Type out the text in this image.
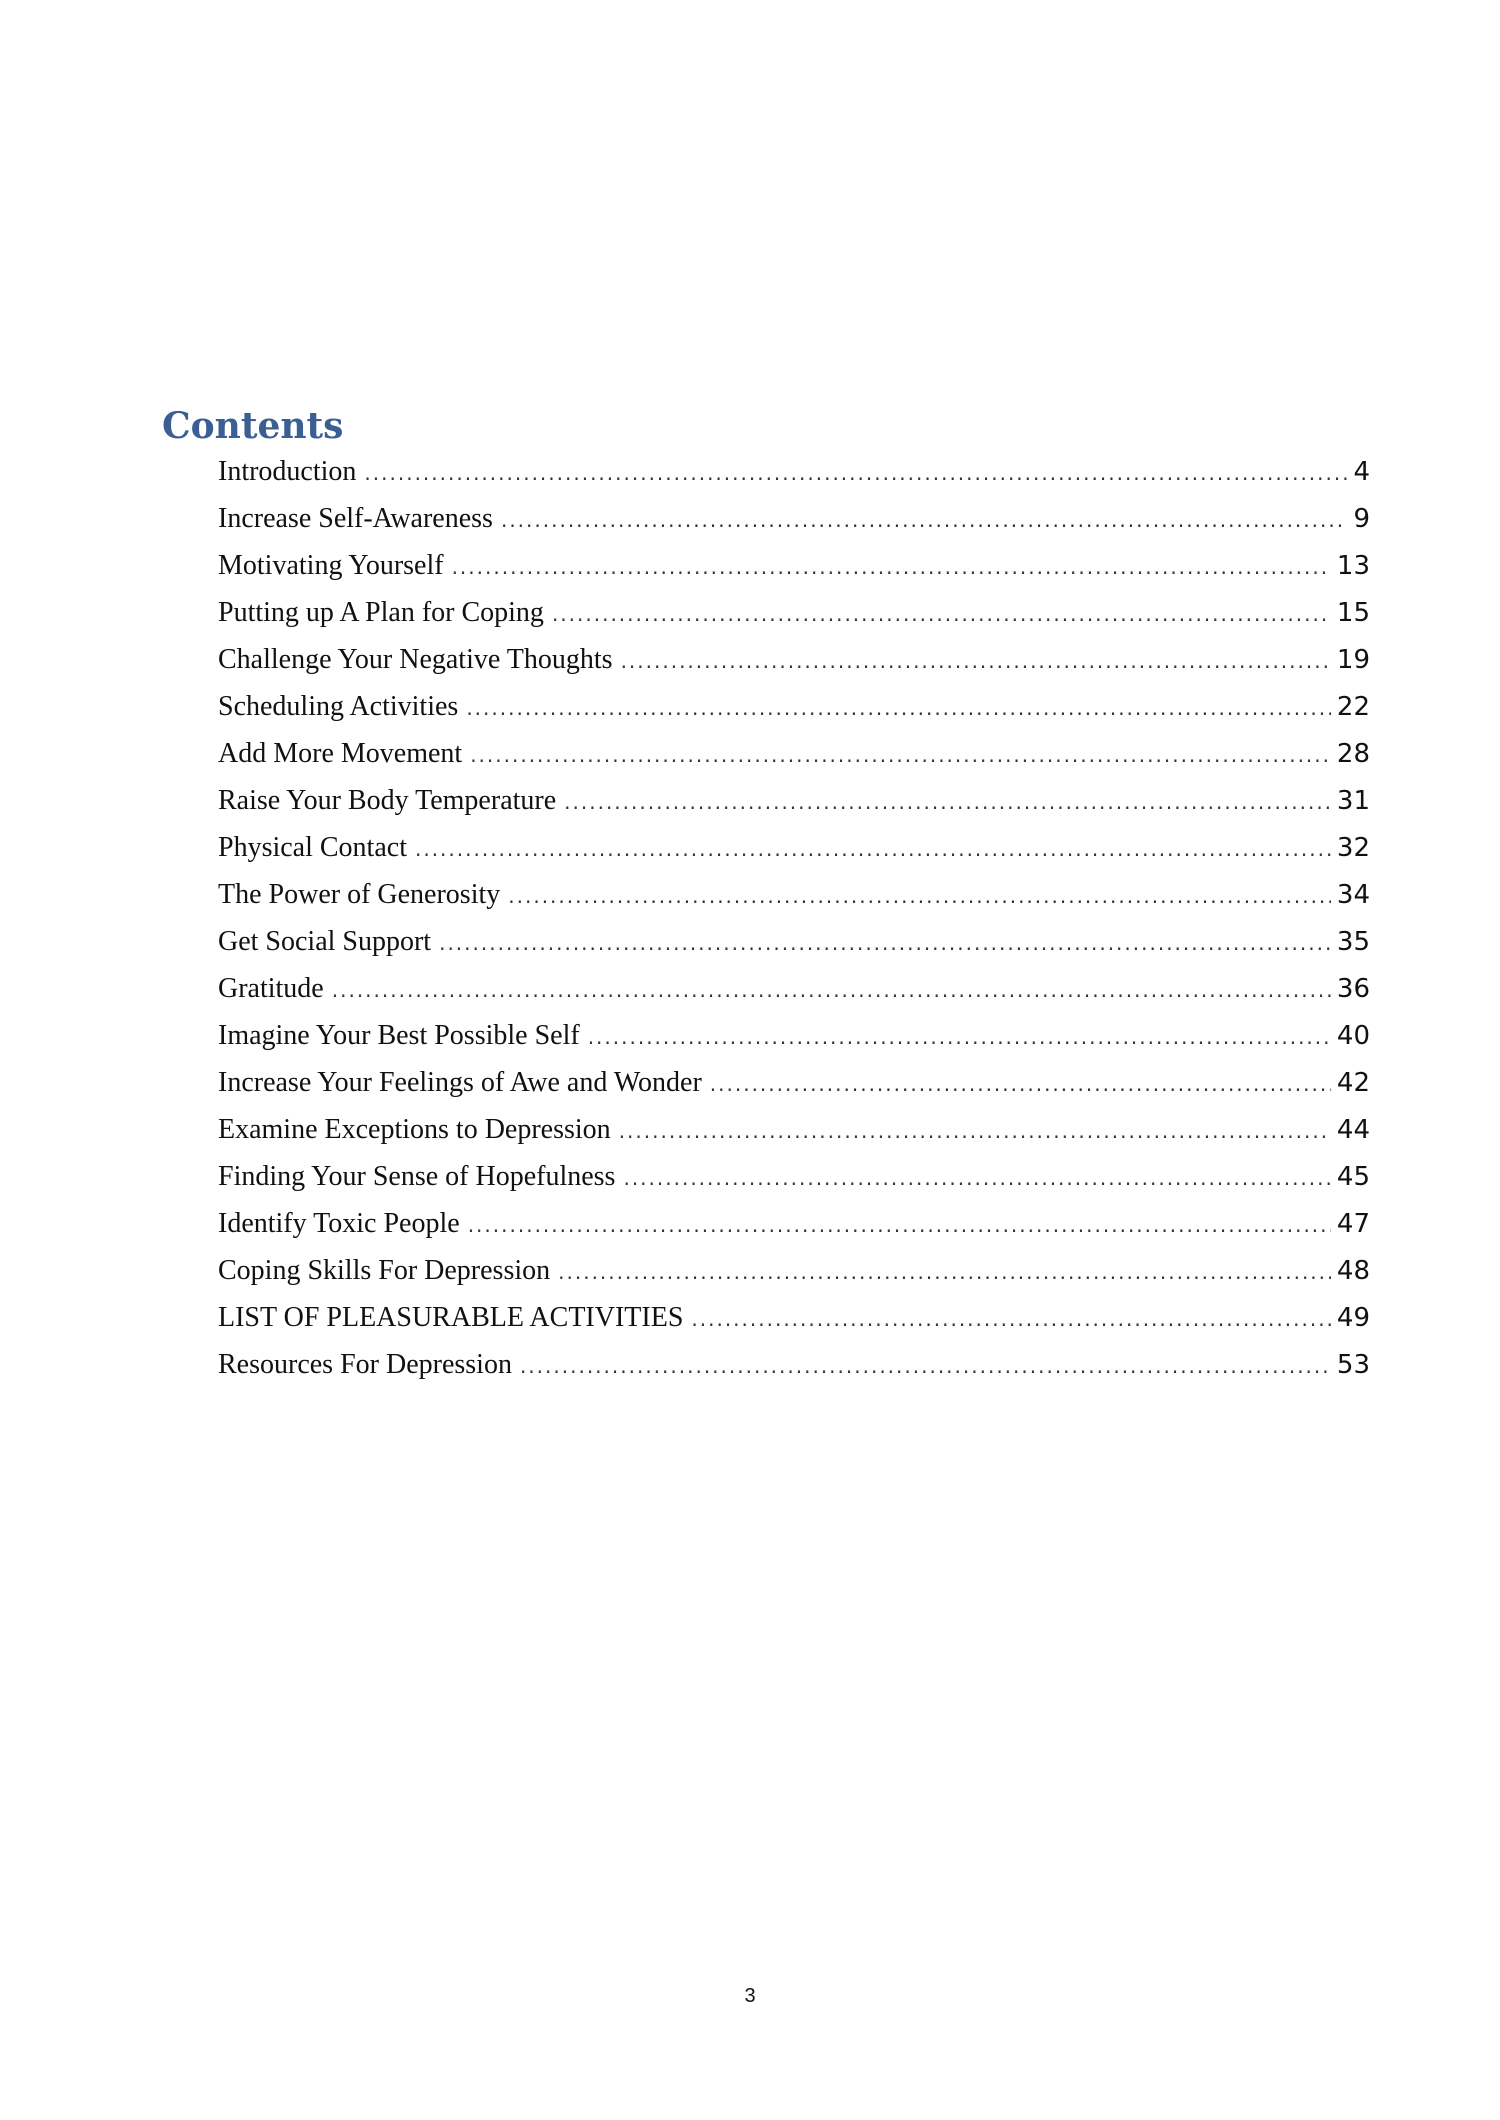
Contents
Introduction .....	4
Increase Self-Awareness .....	9
Motivating Yourself .....	13
Putting up A Plan for Coping .....	15
Challenge Your Negative Thoughts .....	19
Scheduling Activities .....	22
Add More Movement .....	28
Raise Your Body Temperature .....	31
Physical Contact .....	32
The Power of Generosity .....	34
Get Social Support .....	35
Gratitude .....	36
Imagine Your Best Possible Self .....	40
Increase Your Feelings of Awe and Wonder .....	42
Examine Exceptions to Depression .....	44
Finding Your Sense of Hopefulness .....	45
Identify Toxic People .....	47
Coping Skills For Depression .....	48
LIST OF PLEASURABLE ACTIVITIES .....	49
Resources For Depression .....	53
3
